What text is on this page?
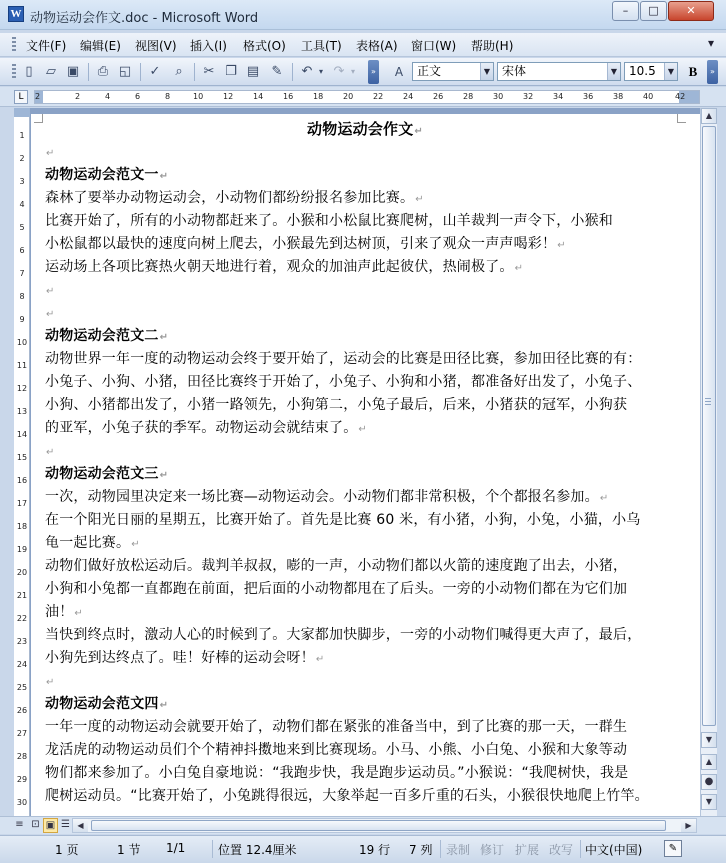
W 动物运动会作文.doc - Microsoft Word
–	□	✕
文件(F) 编辑(E) 视图(V) 插入(I) 格式(O) 工具(T) 表格(A) 窗口(W) 帮助(H)	▾
▯	▱ ▣ ⎙ ◱ ✓	⌕	✂ ❐ ▤ ✎ ↶ ▾ ↷ ▾	»	A	正文	▼ 宋体	▼ 10.5	▼	B	»
L	2	2	4	6	8	10 12 14 16 18 20 22 24 26 28 30 32 34 36 38 40	42
1
2
3
4
5
6
7
8
9
10
11
12
13
14
15
16
17
18
19
20
21
22
23
24
25
26
27
28
29
30
动物运动会作文↵
↵
动物运动会范文一↵
森林了要举办动物运动会，小动物们都纷纷报名参加比赛。↵
比赛开始了，所有的小动物都赶来了。小猴和小松鼠比赛爬树，山羊裁判一声令下，小猴和
小松鼠都以最快的速度向树上爬去，小猴最先到达树顶，引来了观众一声声喝彩！↵
运动场上各项比赛热火朝天地进行着，观众的加油声此起彼伏，热闹极了。↵
↵
↵
动物运动会范文二↵
动物世界一年一度的动物运动会终于要开始了，运动会的比赛是田径比赛，参加田径比赛的有：
小兔子、小狗、小猪，田径比赛终于开始了，小兔子、小狗和小猪，都准备好出发了，小兔子、
小狗、小猪都出发了，小猪一路领先，小狗第二，小兔子最后，后来，小猪获的冠军，小狗获
的亚军，小兔子获的季军。动物运动会就结束了。↵
↵
动物运动会范文三↵
一次，动物园里决定来一场比赛—动物运动会。小动物们都非常积极，个个都报名参加。↵
在一个阳光日丽的星期五，比赛开始了。首先是比赛 60 米，有小猪，小狗，小兔，小猫，小乌
龟一起比赛。↵
动物们做好放松运动后。裁判羊叔叔，嘭的一声，小动物们都以火箭的速度跑了出去，小猪，
小狗和小兔都一直都跑在前面，把后面的小动物都甩在了后头。一旁的小动物们都在为它们加
油！↵
当快到终点时，激动人心的时候到了。大家都加快脚步，一旁的小动物们喊得更大声了，最后，
小狗先到达终点了。哇！好棒的运动会呀！↵
↵
动物运动会范文四↵
一年一度的动物运动会就要开始了，动物们都在紧张的准备当中，到了比赛的那一天，一群生
龙活虎的动物运动员们个个精神抖擞地来到比赛现场。小马、小熊、小白兔、小猴和大象等动
物们都来参加了。小白兔自豪地说：“我跑步快，我是跑步运动员。”小猴说：“我爬树快，我是
爬树运动员。“比赛开始了，小兔跳得很远，大象举起一百多斤重的石头，小猴很快地爬上竹竿。
▲
▼
▲
●
▼
≡ ⊡ ▣ ☰ ◀	▶
1 页	1 节 1/1	位置 12.4厘米	19 行 7 列 录制 修订 扩展 改写 中文(中国)	✎
